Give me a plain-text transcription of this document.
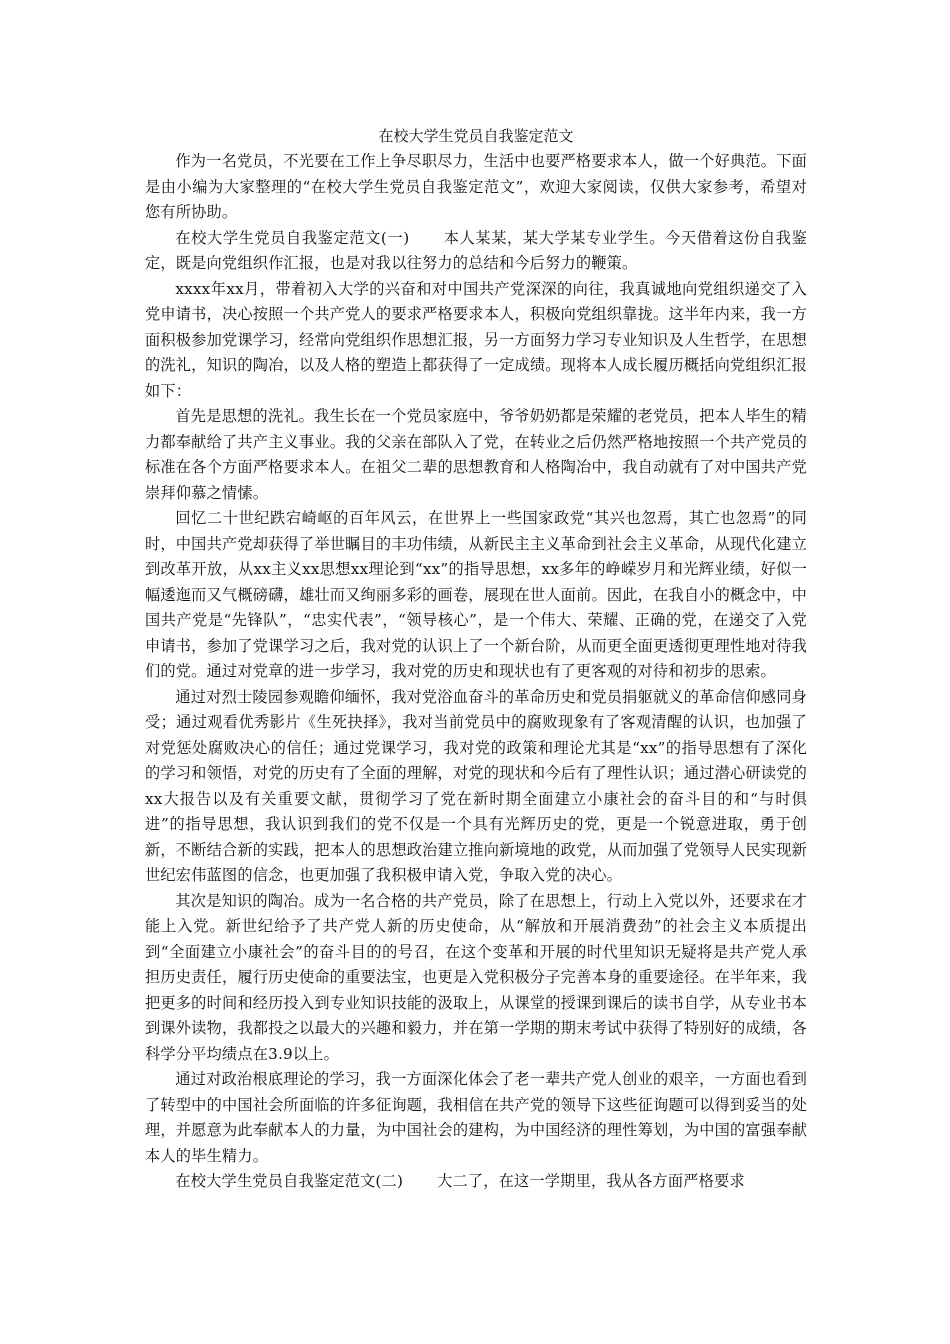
在校大学生党员自我鉴定范文

作为一名党员，不光要在工作上争尽职尽力，生活中也要严格要求本人，做一个好典范。下面是由小编为大家整理的“在校大学生党员自我鉴定范文”，欢迎大家阅读，仅供大家参考，希望对您有所协助。

在校大学生党员自我鉴定范文(一) 本人某某，某大学某专业学生。今天借着这份自我鉴定，既是向党组织作汇报，也是对我以往努力的总结和今后努力的鞭策。

xxxx年xx月，带着初入大学的兴奋和对中国共产党深深的向往，我真诚地向党组织递交了入党申请书，决心按照一个共产党人的要求严格要求本人，积极向党组织靠拢。这半年内来，我一方面积极参加党课学习，经常向党组织作思想汇报，另一方面努力学习专业知识及人生哲学，在思想的洗礼，知识的陶冶，以及人格的塑造上都获得了一定成绩。现将本人成长履历概括向党组织汇报如下：

首先是思想的洗礼。我生长在一个党员家庭中，爷爷奶奶都是荣耀的老党员，把本人毕生的精力都奉献给了共产主义事业。我的父亲在部队入了党，在转业之后仍然严格地按照一个共产党员的标准在各个方面严格要求本人。在祖父二辈的思想教育和人格陶冶中，我自动就有了对中国共产党崇拜仰慕之情愫。

回忆二十世纪跌宕崎岖的百年风云，在世界上一些国家政党“其兴也忽焉，其亡也忽焉”的同时，中国共产党却获得了举世瞩目的丰功伟绩，从新民主主义革命到社会主义革命，从现代化建立到改革开放，从xx主义xx思想xx理论到“xx”的指导思想，xx多年的峥嵘岁月和光辉业绩，好似一幅逶迤而又气概磅礴，雄壮而又绚丽多彩的画卷，展现在世人面前。因此，在我自小的概念中，中国共产党是“先锋队”，“忠实代表”，“领导核心”，是一个伟大、荣耀、正确的党，在递交了入党申请书，参加了党课学习之后，我对党的认识上了一个新台阶，从而更全面更透彻更理性地对待我们的党。通过对党章的进一步学习，我对党的历史和现状也有了更客观的对待和初步的思索。

通过对烈士陵园参观瞻仰缅怀，我对党浴血奋斗的革命历史和党员捐躯就义的革命信仰感同身受；通过观看优秀影片《生死抉择》，我对当前党员中的腐败现象有了客观清醒的认识，也加强了对党惩处腐败决心的信任；通过党课学习，我对党的政策和理论尤其是“xx”的指导思想有了深化的学习和领悟，对党的历史有了全面的理解，对党的现状和今后有了理性认识；通过潜心研读党的xx大报告以及有关重要文献，贯彻学习了党在新时期全面建立小康社会的奋斗目的和“与时俱进”的指导思想，我认识到我们的党不仅是一个具有光辉历史的党，更是一个锐意进取，勇于创新，不断结合新的实践，把本人的思想政治建立推向新境地的政党，从而加强了党领导人民实现新世纪宏伟蓝图的信念，也更加强了我积极申请入党，争取入党的决心。

其次是知识的陶冶。成为一名合格的共产党员，除了在思想上，行动上入党以外，还要求在才能上入党。新世纪给予了共产党人新的历史使命，从“解放和开展消费劲”的社会主义本质提出到“全面建立小康社会”的奋斗目的的号召，在这个变革和开展的时代里知识无疑将是共产党人承担历史责任，履行历史使命的重要法宝，也更是入党积极分子完善本身的重要途径。在半年来，我把更多的时间和经历投入到专业知识技能的汲取上，从课堂的授课到课后的读书自学，从专业书本到课外读物，我都投之以最大的兴趣和毅力，并在第一学期的期末考试中获得了特别好的成绩，各科学分平均绩点在3.9以上。

通过对政治根底理论的学习，我一方面深化体会了老一辈共产党人创业的艰辛，一方面也看到了转型中的中国社会所面临的许多征询题，我相信在共产党的领导下这些征询题可以得到妥当的处理，并愿意为此奉献本人的力量，为中国社会的建构，为中国经济的理性筹划，为中国的富强奉献本人的毕生精力。

在校大学生党员自我鉴定范文(二) 大二了，在这一学期里，我从各方面严格要求
